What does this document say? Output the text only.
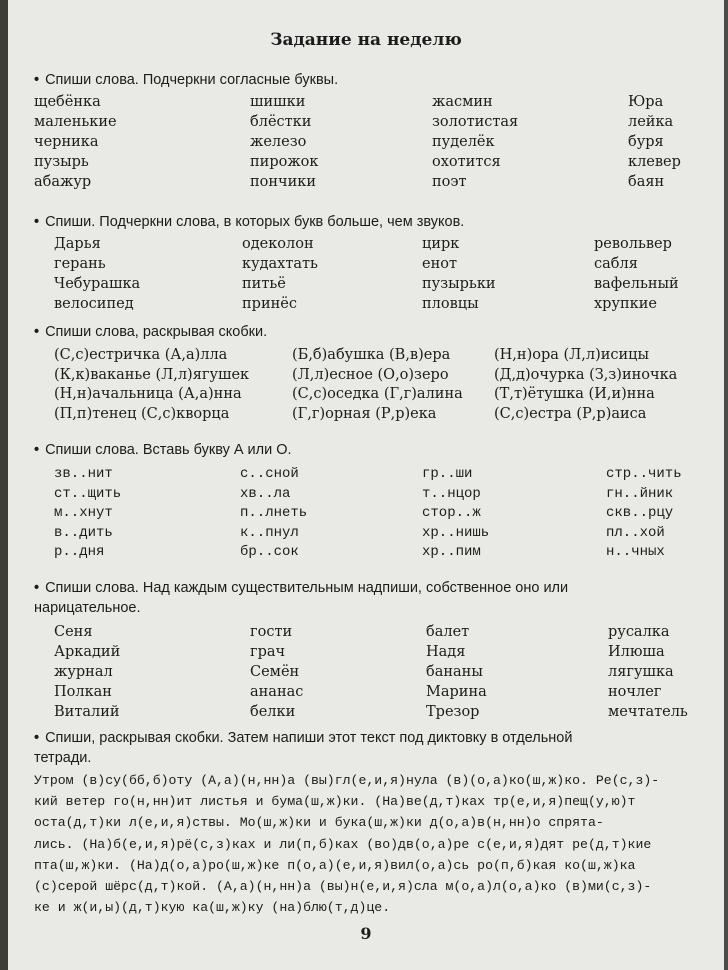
Задание на неделю
• Спиши слова. Подчеркни согласные буквы.
щебёнка
маленькие
черника
пузырь
абажур
шишки
блёстки
железо
пирожок
пончики
жасмин
золотистая
пуделёк
охотится
поэт
Юра
лейка
буря
клевер
баян
• Спиши. Подчеркни слова, в которых букв больше, чем звуков.
Дарья
герань
Чебурашка
велосипед
одеколон
кудахтать
питьё
принёс
цирк
енот
пузырьки
пловцы
револьвер
сабля
вафельный
хрупкие
• Спиши слова, раскрывая скобки.
(С,с)естричка (А,а)лла
(К,к)ваканье (Л,л)ягушек
(Н,н)ачальница (А,а)нна
(П,п)тенец (С,с)кворца
(Б,б)абушка (В,в)ера
(Л,л)есное (О,о)зеро
(С,с)оседка (Г,г)алина
(Г,г)орная (Р,р)ека
(Н,н)ора (Л,л)исицы
(Д,д)очурка (З,з)иночка
(Т,т)ётушка (И,и)нна
(С,с)естра (Р,р)аиса
• Спиши слова. Вставь букву А или О.
зв..нит
ст..щить
м..хнут
в..дить
р..дня
с..сной
хв..ла
п..лнеть
к..пнул
бр..сок
гр..ши
т..нцор
стор..ж
хр..нишь
хр..пим
стр..чить
гн..йник
скв..рцу
пл..хой
н..чных
• Спиши слова. Над каждым существительным надпиши, собственное оно или
нарицательное.
Сеня
Аркадий
журнал
Полкан
Виталий
гости
грач
Семён
ананас
белки
балет
Надя
бананы
Марина
Трезор
русалка
Илюша
лягушка
ночлег
мечтатель
• Спиши, раскрывая скобки. Затем напиши этот текст под диктовку в отдельной
тетради.
Утром (в)су(бб,б)оту (А,а)(н,нн)а (вы)гл(е,и,я)нула (в)(о,а)ко(ш,ж)ко. Ре(с,з)-
кий ветер го(н,нн)ит листья и бума(ш,ж)ки. (На)ве(д,т)ках тр(е,и,я)пещ(у,ю)т
оста(д,т)ки л(е,и,я)ствы. Мо(ш,ж)ки и бука(ш,ж)ки д(о,а)в(н,нн)о спрята-
лись. (На)б(е,и,я)рё(с,з)ках и ли(п,б)ках (во)дв(о,а)ре с(е,и,я)дят ре(д,т)кие
пта(ш,ж)ки. (На)д(о,а)ро(ш,ж)ке п(о,а)(е,и,я)вил(о,а)сь ро(п,б)кая ко(ш,ж)ка
(с)серой шёрс(д,т)кой. (А,а)(н,нн)а (вы)н(е,и,я)сла м(о,а)л(о,а)ко (в)ми(с,з)-
ке и ж(и,ы)(д,т)кую ка(ш,ж)ку (на)блю(т,д)це.
9
